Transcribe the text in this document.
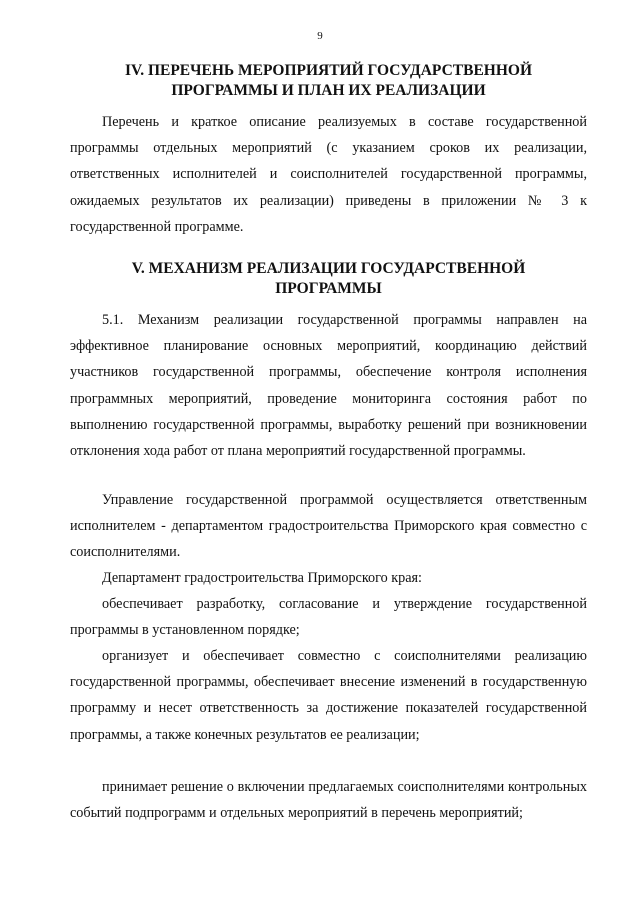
9
IV. ПЕРЕЧЕНЬ МЕРОПРИЯТИЙ ГОСУДАРСТВЕННОЙ
ПРОГРАММЫ И ПЛАН ИХ РЕАЛИЗАЦИИ

Перечень и краткое описание реализуемых в составе государственной программы отдельных мероприятий (с указанием сроков их реализации, ответственных исполнителей и соисполнителей государственной программы, ожидаемых результатов их реализации) приведены в приложении № 3 к государственной программе.

V. МЕХАНИЗМ РЕАЛИЗАЦИИ ГОСУДАРСТВЕННОЙ
ПРОГРАММЫ

5.1. Механизм реализации государственной программы направлен на эффективное планирование основных мероприятий, координацию действий участников государственной программы, обеспечение контроля исполнения программных мероприятий, проведение мониторинга состояния работ по выполнению государственной программы, выработку решений при возникновении отклонения хода работ от плана мероприятий государственной программы.

Управление государственной программой осуществляется ответственным исполнителем - департаментом градостроительства Приморского края совместно с соисполнителями.

Департамент градостроительства Приморского края:

обеспечивает разработку, согласование и утверждение государственной программы в установленном порядке;

организует и обеспечивает совместно с соисполнителями реализацию государственной программы, обеспечивает внесение изменений в государственную программу и несет ответственность за достижение показателей государственной программы, а также конечных результатов ее реализации;

принимает решение о включении предлагаемых соисполнителями контрольных событий подпрограмм и отдельных мероприятий в перечень мероприятий;
